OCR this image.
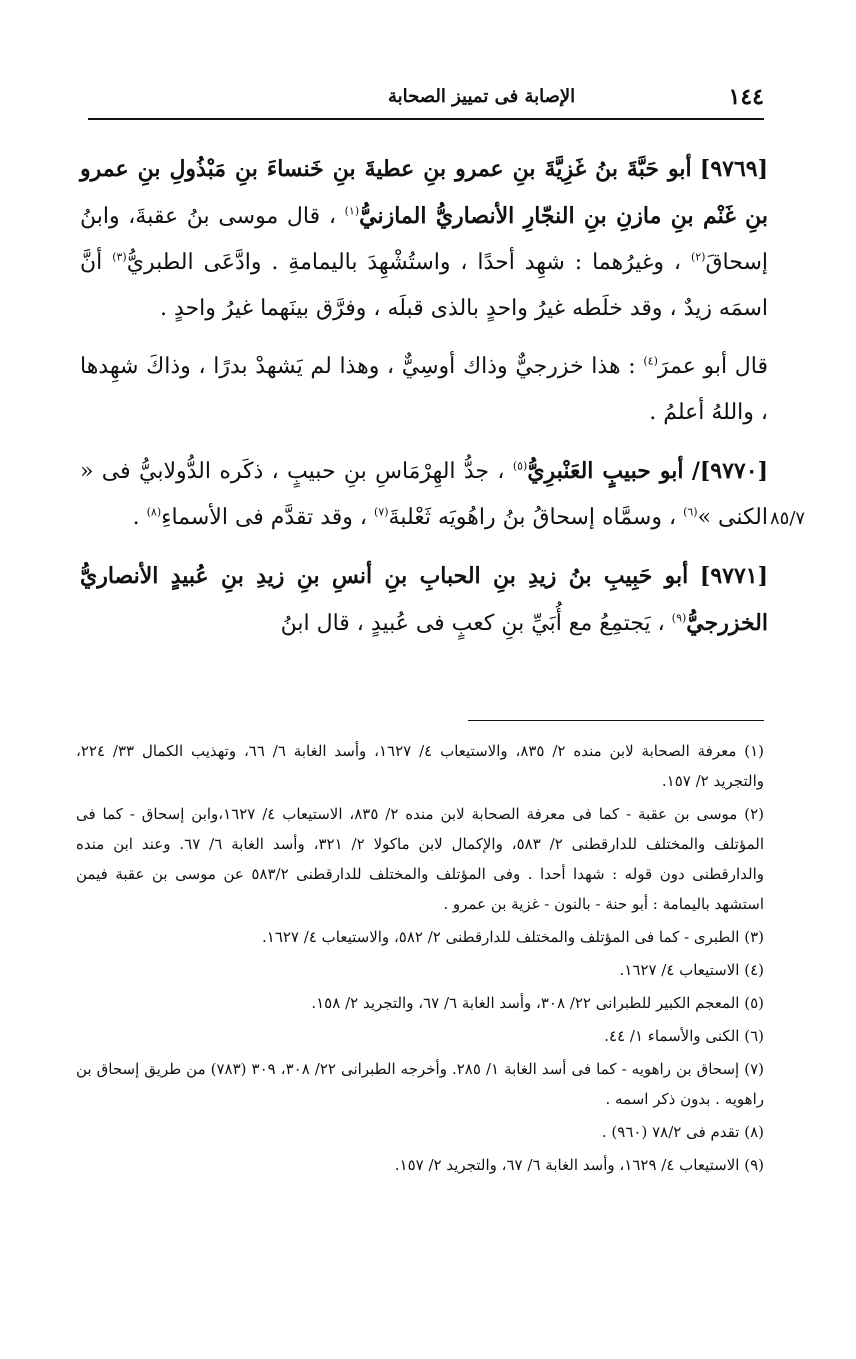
١٤٤
الإصابة فى تمييز الصحابة
٨٥/٧

[٩٧٦٩] أبو حَبَّةَ بنُ غَزِيَّةَ بنِ عمرو بنِ عطيةَ بنِ خَنساءَ بنِ مَبْذُولِ بنِ عمرو بنِ غَنْم بنِ مازنِ بنِ النجّارِ الأنصاريُّ المازنيُّ$^{(١)}$ ، قال موسى بنُ عقبةَ، وابنُ إسحاقَ$^{(٢)}$ ، وغيرُهما : شهِد أحدًا ، واستُشْهِدَ باليمامةِ . وادَّعَى الطبريُّ$^{(٣)}$ أنَّ اسمَه زيدٌ ، وقد خلَطه غيرُ واحدٍ بالذى قبلَه ، وفرَّق بينَهما غيرُ واحدٍ .

قال أبو عمرَ$^{(٤)}$ : هذا خزرجيٌّ وذاك أوسِيٌّ ، وهذا لم يَشهدْ بدرًا ، وذاكَ شهِدها ، واللهُ أعلمُ .

[٩٧٧٠]/ أبو حبيبٍ العَنْبرِيُّ$^{(٥)}$ ، جدُّ الهِرْمَاسِ بنِ حبيبٍ ، ذكَره الدُّولابيُّ فى « الكنى »$^{(٦)}$ ، وسمَّاه إسحاقُ بنُ راهُويَه ثَعْلبةَ$^{(٧)}$ ، وقد تقدَّم فى الأسماءِ$^{(٨)}$ .

[٩٧٧١] أبو حَبِيبِ بنُ زيدِ بنِ الحبابِ بنِ أنسِ بنِ زيدِ بنِ عُبيدٍ الأنصاريُّ الخزرجيُّ$^{(٩)}$ ، يَجتمِعُ مع أُبَيِّ بنِ كعبٍ فى عُبيدٍ ، قال ابنُ

(١) معرفة الصحابة لابن منده ٢/ ٨٣٥، والاستيعاب ٤/ ١٦٢٧، وأسد الغابة ٦/ ٦٦، وتهذيب الكمال ٣٣/ ٢٢٤، والتجريد ٢/ ١٥٧.

(٢) موسى بن عقبة - كما فى معرفة الصحابة لابن منده ٢/ ٨٣٥، الاستيعاب ٤/ ١٦٢٧،وابن إسحاق - كما فى المؤتلف والمختلف للدارقطنى ٢/ ٥٨٣، والإكمال لابن ماكولا ٢/ ٣٢١، وأسد الغابة ٦/ ٦٧. وعند ابن منده والدارقطنى دون قوله : شهدا أحدا . وفى المؤتلف والمختلف للدارقطنى ٥٨٣/٢ عن موسى بن عقبة فيمن استشهد باليمامة : أبو حنة - بالنون - غزية بن عمرو .

(٣) الطبرى - كما فى المؤتلف والمختلف للدارقطنى ٢/ ٥٨٢، والاستيعاب ٤/ ١٦٢٧.

(٤) الاستيعاب ٤/ ١٦٢٧.

(٥) المعجم الكبير للطبرانى ٢٢/ ٣٠٨، وأسد الغابة ٦/ ٦٧، والتجريد ٢/ ١٥٨.

(٦) الكنى والأسماء ١/ ٤٤.

(٧) إسحاق بن راهويه - كما فى أسد الغابة ١/ ٢٨٥. وأخرجه الطبرانى ٢٢/ ٣٠٨، ٣٠٩ (٧٨٣) من طريق إسحاق بن راهويه . بدون ذكر اسمه .

(٨) تقدم فى ٧٨/٢ (٩٦٠) .

(٩) الاستيعاب ٤/ ١٦٢٩، وأسد الغابة ٦/ ٦٧، والتجريد ٢/ ١٥٧.
